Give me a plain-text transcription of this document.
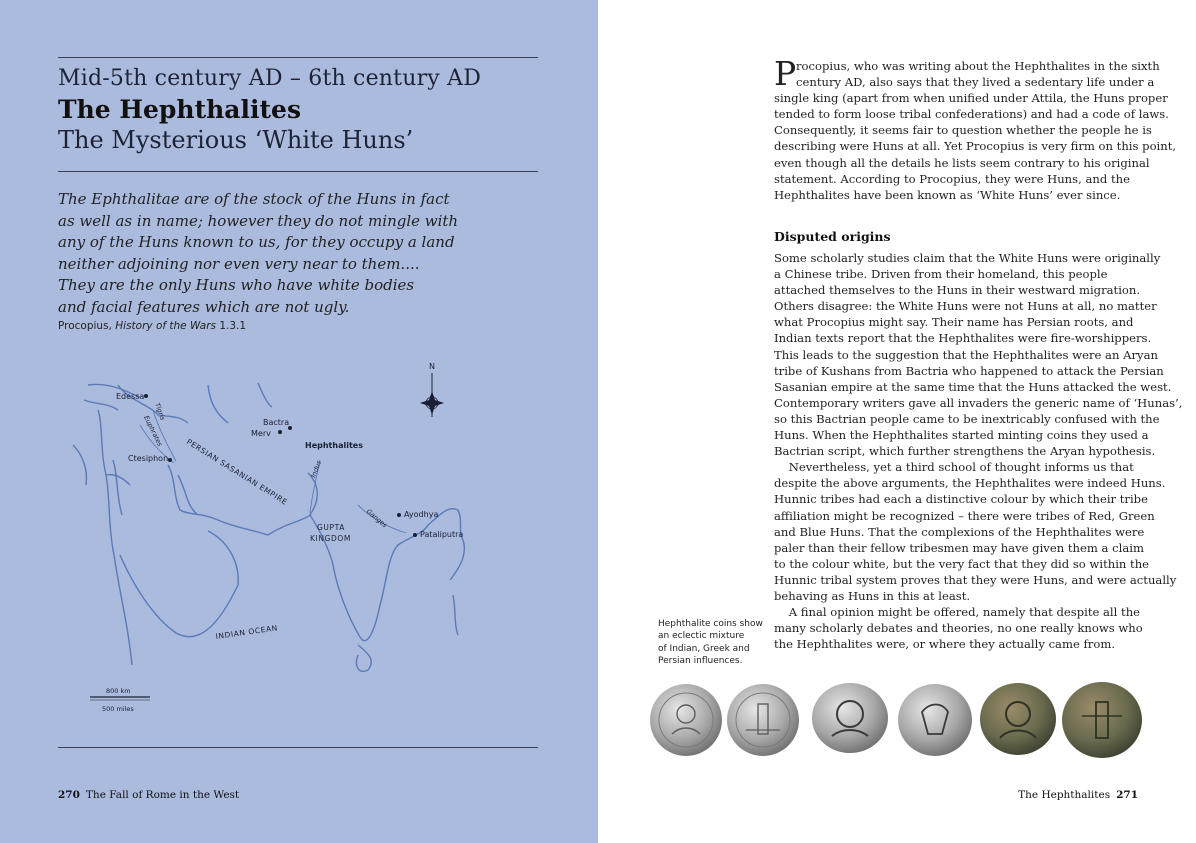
Mid-5th century AD – 6th century AD
The Hephthalites
The Mysterious ‘White Huns’
The Ephthalitae are of the stock of the Huns in fact
as well as in name; however they do not mingle with
any of the Huns known to us, for they occupy a land
neither adjoining nor even very near to them....
They are the only Huns who have white bodies
and facial features which are not ugly.
Procopius, History of the Wars 1.3.1
N
Edessa
Bactra
Merv
Ctesiphon
Ayodhya
Pataliputra
Hephthalites
PERSIAN SASANIAN EMPIRE
GUPTA
KINGDOM
INDIAN OCEAN
Tigris
Euphrates
Indus
Ganges
800 km
500 miles
270 The Fall of Rome in the West
P rocopius, who was writing about the Hephthalites in the sixth
century AD, also says that they lived a sedentary life under a
single king (apart from when unified under Attila, the Huns proper
tended to form loose tribal confederations) and had a code of laws.
Consequently, it seems fair to question whether the people he is
describing were Huns at all. Yet Procopius is very firm on this point,
even though all the details he lists seem contrary to his original
statement. According to Procopius, they were Huns, and the
Hephthalites have been known as ‘White Huns’ ever since.
Disputed origins
Some scholarly studies claim that the White Huns were originally
a Chinese tribe. Driven from their homeland, this people
attached themselves to the Huns in their westward migration.
Others disagree: the White Huns were not Huns at all, no matter
what Procopius might say. Their name has Persian roots, and
Indian texts report that the Hephthalites were fire-worshippers.
This leads to the suggestion that the Hephthalites were an Aryan
tribe of Kushans from Bactria who happened to attack the Persian
Sasanian empire at the same time that the Huns attacked the west.
Contemporary writers gave all invaders the generic name of ‘Hunas’,
so this Bactrian people came to be inextricably confused with the
Huns. When the Hephthalites started minting coins they used a
Bactrian script, which further strengthens the Aryan hypothesis.
Nevertheless, yet a third school of thought informs us that
despite the above arguments, the Hephthalites were indeed Huns.
Hunnic tribes had each a distinctive colour by which their tribe
affiliation might be recognized – there were tribes of Red, Green
and Blue Huns. That the complexions of the Hephthalites were
paler than their fellow tribesmen may have given them a claim
to the colour white, but the very fact that they did so within the
Hunnic tribal system proves that they were Huns, and were actually
behaving as Huns in this at least.
A final opinion might be offered, namely that despite all the
many scholarly debates and theories, no one really knows who
the Hephthalites were, or where they actually came from.
Hephthalite coins show
an eclectic mixture
of Indian, Greek and
Persian influences.
The Hephthalites 271
